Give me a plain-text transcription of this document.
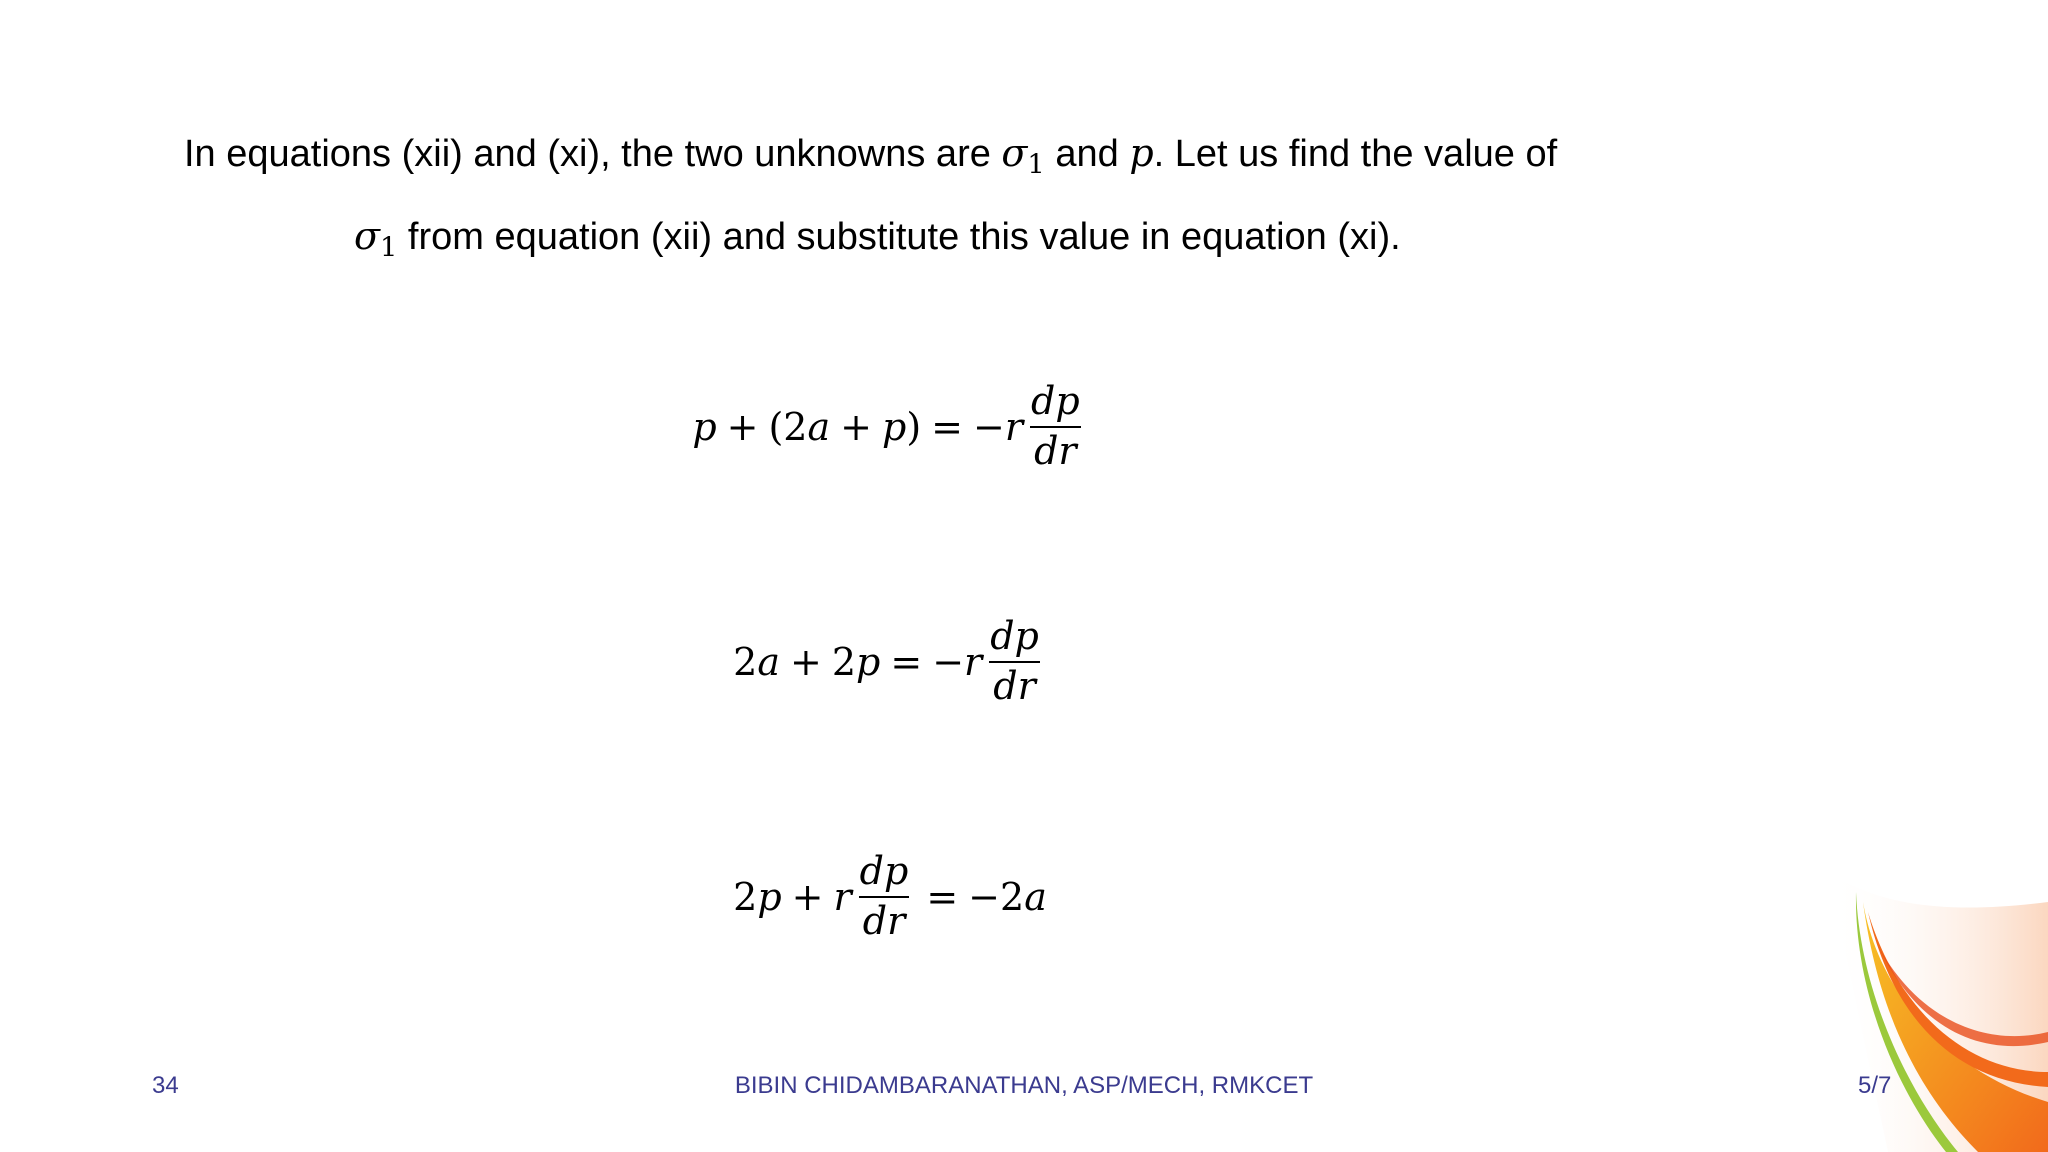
In equations (xii) and (xi), the two unknowns are $\sigma_1$ and p. Let us find the value of
$\sigma_1$ from equation (xii) and substitute this value in equation (xi).
p + (2 a + p ) = $-r \frac{dp}{dr}$
2 a + 2 $p = -r \frac{dp}{dr}$
2 p + r $\frac{dp}{dr} = -2$ a
34	BIBIN CHIDAMBARANATHAN, ASP/MECH, RMKCET	5/7
